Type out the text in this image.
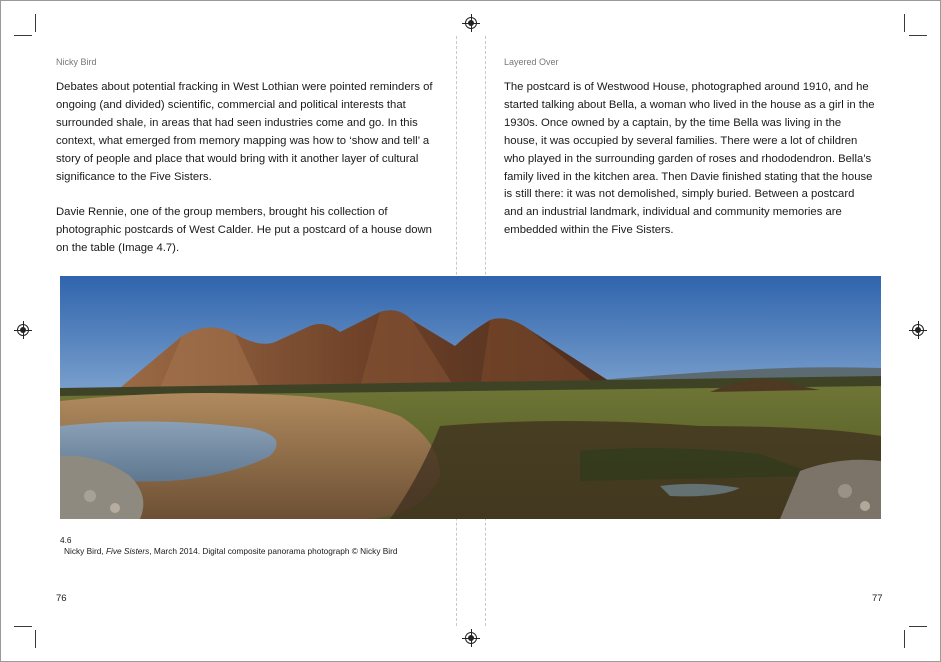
Nicky Bird

Debates about potential fracking in West Lothian were pointed reminders of ongoing (and divided) scientific, commercial and political interests that surrounded shale, in areas that had seen industries come and go. In this context, what emerged from memory mapping was how to ‘show and tell’ a story of people and place that would bring with it another layer of cultural significance to the Five Sisters.

Davie Rennie, one of the group members, brought his collection of photographic postcards of West Calder. He put a postcard of a house down on the table (Image 4.7).

Layered Over

The postcard is of Westwood House, photographed around 1910, and he started talking about Bella, a woman who lived in the house as a girl in the 1930s. Once owned by a captain, by the time Bella was living in the house, it was occupied by several families. There were a lot of children who played in the surrounding garden of roses and rhododendron. Bella’s family lived in the kitchen area. Then Davie finished stating that the house is still there: it was not demolished, simply buried. Between a postcard and an industrial landmark, individual and community memories are embedded within the Five Sisters.

4.6
Nicky Bird, Five Sisters, March 2014. Digital composite panorama photograph © Nicky Bird
76	77
